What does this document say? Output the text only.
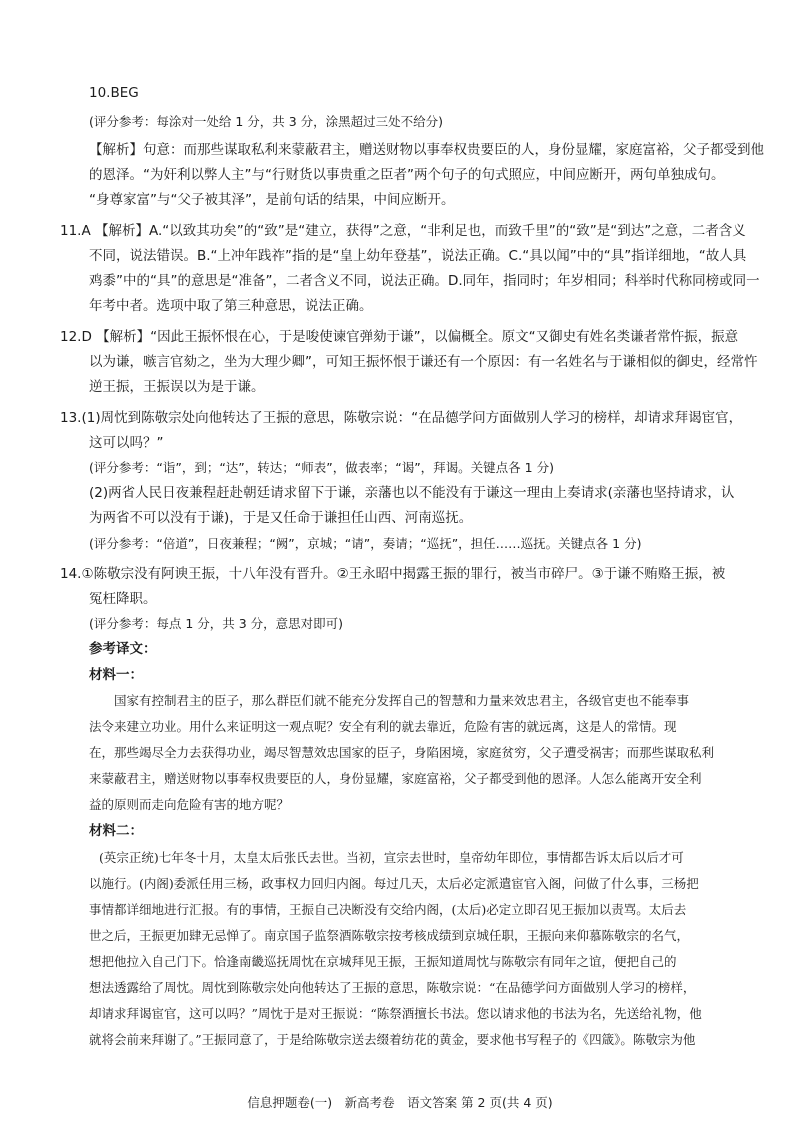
10.BEG
(评分参考：每涂对一处给 1 分，共 3 分，涂黑超过三处不给分)
【解析】句意：而那些谋取私利来蒙蔽君主，赠送财物以事奉权贵要臣的人，身份显耀，家庭富裕，父子都受到他
的恩泽。“为奸利以弊人主”与“行财货以事贵重之臣者”两个句子的句式照应，中间应断开，两句单独成句。
“身尊家富”与“父子被其泽”，是前句话的结果，中间应断开。
11.A 【解析】A.“以致其功矣”的“致”是“建立，获得”之意，“非利足也，而致千里”的“致”是“到达”之意，二者含义
不同，说法错误。B.“上冲年践祚”指的是“皇上幼年登基”，说法正确。C.“具以闻”中的“具”指详细地，“故人具
鸡黍”中的“具”的意思是“准备”，二者含义不同，说法正确。D.同年，指同时；年岁相同；科举时代称同榜或同一
年考中者。选项中取了第三种意思，说法正确。
12.D 【解析】“因此王振怀恨在心，于是唆使谏官弹劾于谦”，以偏概全。原文“又御史有姓名类谦者常忤振，振意
以为谦，嗾言官劾之，坐为大理少卿”，可知王振怀恨于谦还有一个原因：有一名姓名与于谦相似的御史，经常忤
逆王振，王振误以为是于谦。
13.(1)周忱到陈敬宗处向他转达了王振的意思，陈敬宗说：“在品德学问方面做别人学习的榜样，却请求拜谒宦官，
这可以吗？”
(评分参考：“诣”，到；“达”，转达；“师表”，做表率；“谒”，拜谒。关键点各 1 分)
(2)两省人民日夜兼程赶赴朝廷请求留下于谦，亲藩也以不能没有于谦这一理由上奏请求(亲藩也坚持请求，认
为两省不可以没有于谦)，于是又任命于谦担任山西、河南巡抚。
(评分参考：“倍道”，日夜兼程；“阙”，京城；“请”，奏请；“巡抚”，担任……巡抚。关键点各 1 分)
14.①陈敬宗没有阿谀王振，十八年没有晋升。②王永昭中揭露王振的罪行，被当市碎尸。③于谦不贿赂王振，被
冤枉降职。
(评分参考：每点 1 分，共 3 分，意思对即可)
参考译文：
材料一：
国家有控制君主的臣子，那么群臣们就不能充分发挥自己的智慧和力量来效忠君主，各级官吏也不能奉事
法令来建立功业。用什么来证明这一观点呢？安全有利的就去靠近，危险有害的就远离，这是人的常情。现
在，那些竭尽全力去获得功业，竭尽智慧效忠国家的臣子，身陷困境，家庭贫穷，父子遭受祸害；而那些谋取私利
来蒙蔽君主，赠送财物以事奉权贵要臣的人，身份显耀，家庭富裕，父子都受到他的恩泽。人怎么能离开安全利
益的原则而走向危险有害的地方呢？
材料二：
(英宗正统)七年冬十月，太皇太后张氏去世。当初，宣宗去世时，皇帝幼年即位，事情都告诉太后以后才可
以施行。(内阁)委派任用三杨，政事权力回归内阁。每过几天，太后必定派遣宦官入阁，问做了什么事，三杨把
事情都详细地进行汇报。有的事情，王振自己决断没有交给内阁，(太后)必定立即召见王振加以责骂。太后去
世之后，王振更加肆无忌惮了。南京国子监祭酒陈敬宗按考核成绩到京城任职，王振向来仰慕陈敬宗的名气，
想把他拉入自己门下。恰逢南畿巡抚周忱在京城拜见王振，王振知道周忱与陈敬宗有同年之谊，便把自己的
想法透露给了周忱。周忱到陈敬宗处向他转达了王振的意思，陈敬宗说：“在品德学问方面做别人学习的榜样，
却请求拜谒宦官，这可以吗？”周忱于是对王振说：“陈祭酒擅长书法。您以请求他的书法为名，先送给礼物，他
就将会前来拜谢了。”王振同意了，于是给陈敬宗送去缀着纺花的黄金，要求他书写程子的《四箴》。陈敬宗为他
信息押题卷(一)　新高考卷　语文答案 第 2 页(共 4 页)
